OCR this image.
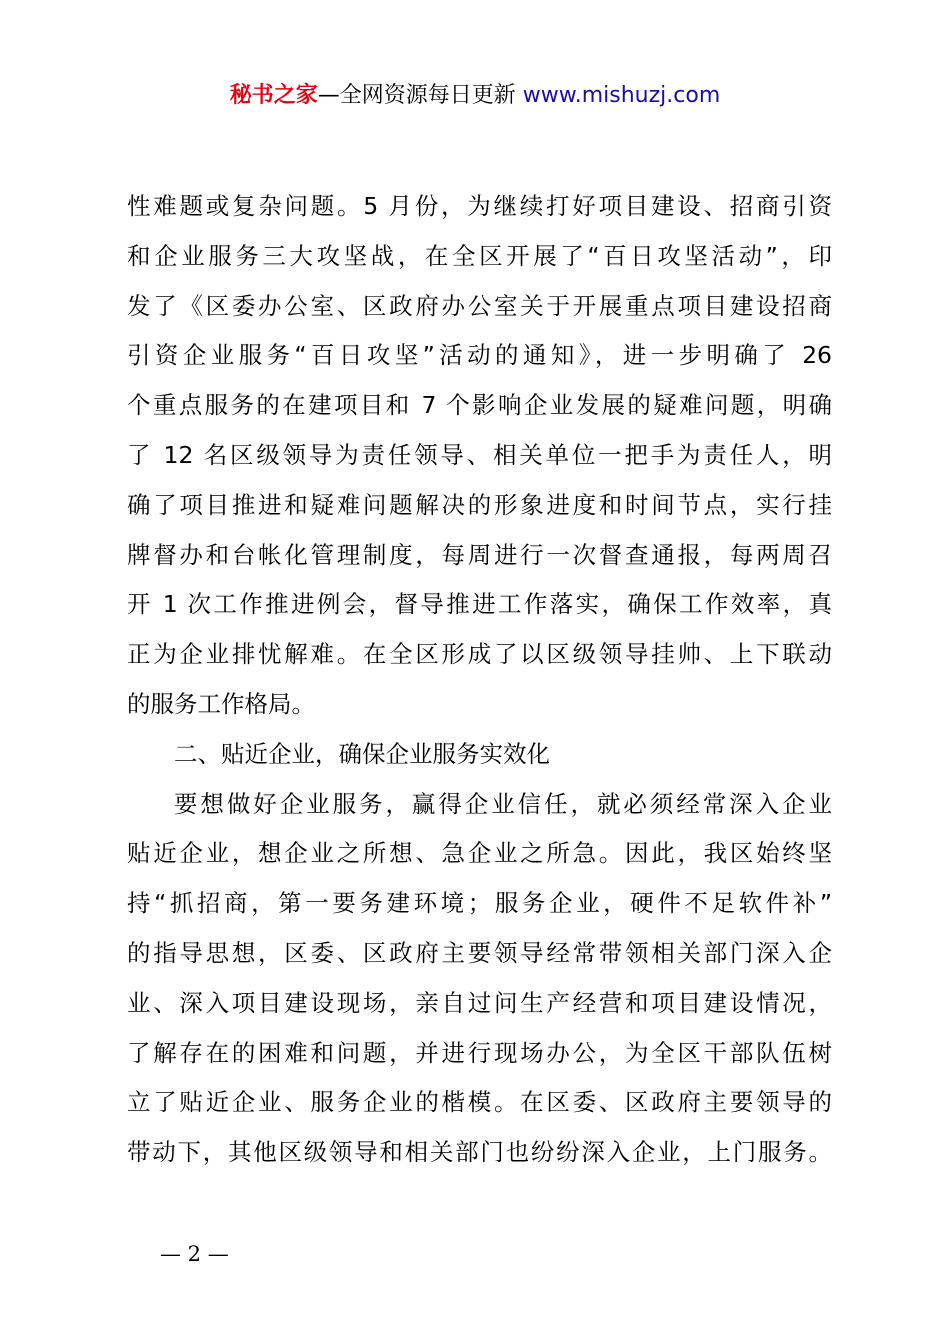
秘书之家—全网资源每日更新 www.mishuzj.com
性难题或复杂问题。5 月份，为继续打好项目建设、招商引资
和企业服务三大攻坚战，在全区开展了“百日攻坚活动”，印
发了《区委办公室、区政府办公室关于开展重点项目建设招商
引资企业服务“百日攻坚”活动的通知》，进一步明确了 26
个重点服务的在建项目和 7 个影响企业发展的疑难问题，明确
了 12 名区级领导为责任领导、相关单位一把手为责任人，明
确了项目推进和疑难问题解决的形象进度和时间节点，实行挂
牌督办和台帐化管理制度，每周进行一次督查通报，每两周召
开 1 次工作推进例会，督导推进工作落实，确保工作效率，真
正为企业排忧解难。在全区形成了以区级领导挂帅、上下联动
的服务工作格局。
二、贴近企业，确保企业服务实效化
要想做好企业服务，赢得企业信任，就必须经常深入企业
贴近企业，想企业之所想、急企业之所急。因此，我区始终坚
持“抓招商，第一要务建环境；服务企业，硬件不足软件补”
的指导思想，区委、区政府主要领导经常带领相关部门深入企
业、深入项目建设现场，亲自过问生产经营和项目建设情况，
了解存在的困难和问题，并进行现场办公，为全区干部队伍树
立了贴近企业、服务企业的楷模。在区委、区政府主要领导的
带动下，其他区级领导和相关部门也纷纷深入企业，上门服务。
— 2 —
